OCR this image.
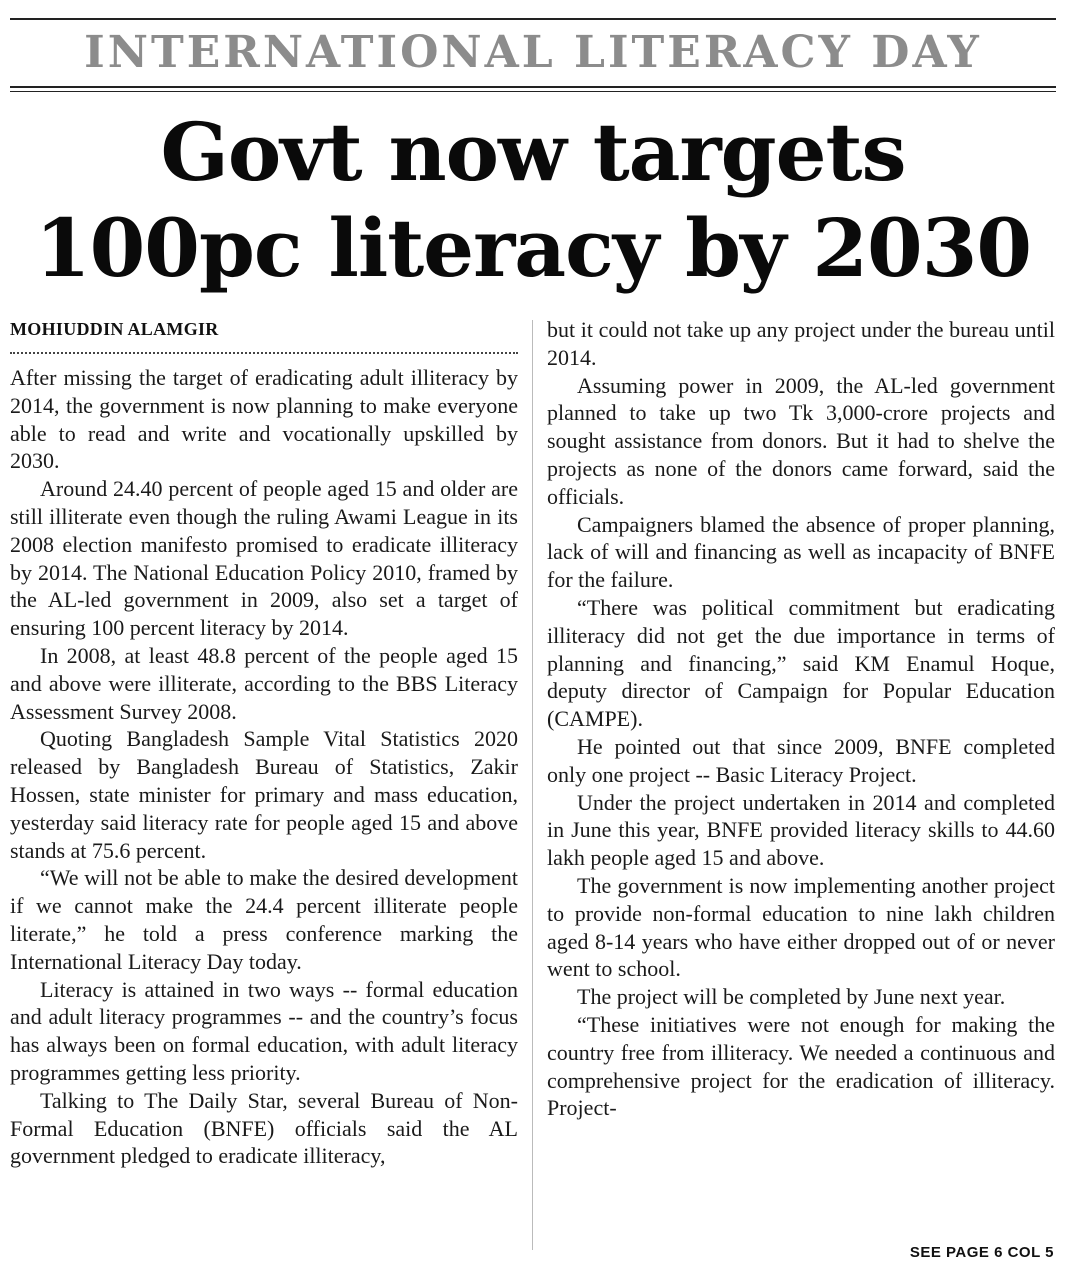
INTERNATIONAL LITERACY DAY
Govt now targets
100pc literacy by 2030
MOHIUDDIN ALAMGIR

After missing the target of eradicating adult illiteracy by 2014, the government is now planning to make everyone able to read and write and vocationally upskilled by 2030.

Around 24.40 percent of people aged 15 and older are still illiterate even though the ruling Awami League in its 2008 election manifesto promised to eradicate illiteracy by 2014. The National Education Policy 2010, framed by the AL-led government in 2009, also set a target of ensuring 100 percent literacy by 2014.

In 2008, at least 48.8 percent of the people aged 15 and above were illiterate, according to the BBS Literacy Assessment Survey 2008.

Quoting Bangladesh Sample Vital Statistics 2020 released by Bangladesh Bureau of Statistics, Zakir Hossen, state minister for primary and mass education, yesterday said literacy rate for people aged 15 and above stands at 75.6 percent.

“We will not be able to make the desired development if we cannot make the 24.4 percent illiterate people literate,” he told a press conference marking the International Literacy Day today.

Literacy is attained in two ways -- formal education and adult literacy programmes -- and the country’s focus has always been on formal education, with adult literacy programmes getting less priority.

Talking to The Daily Star, several Bureau of Non-Formal Education (BNFE) officials said the AL government pledged to eradicate illiteracy,

but it could not take up any project under the bureau until 2014.

Assuming power in 2009, the AL-led government planned to take up two Tk 3,000-crore projects and sought assistance from donors. But it had to shelve the projects as none of the donors came forward, said the officials.

Campaigners blamed the absence of proper planning, lack of will and financing as well as incapacity of BNFE for the failure.

“There was political commitment but eradicating illiteracy did not get the due importance in terms of planning and financing,” said KM Enamul Hoque, deputy director of Campaign for Popular Education (CAMPE).

He pointed out that since 2009, BNFE completed only one project -- Basic Literacy Project.

Under the project undertaken in 2014 and completed in June this year, BNFE provided literacy skills to 44.60 lakh people aged 15 and above.

The government is now implementing another project to provide non-formal education to nine lakh children aged 8-14 years who have either dropped out of or never went to school.

The project will be completed by June next year.

“These initiatives were not enough for making the country free from illiteracy. We needed a continuous and comprehensive project for the eradication of illiteracy. Project-

SEE PAGE 6 COL 5
